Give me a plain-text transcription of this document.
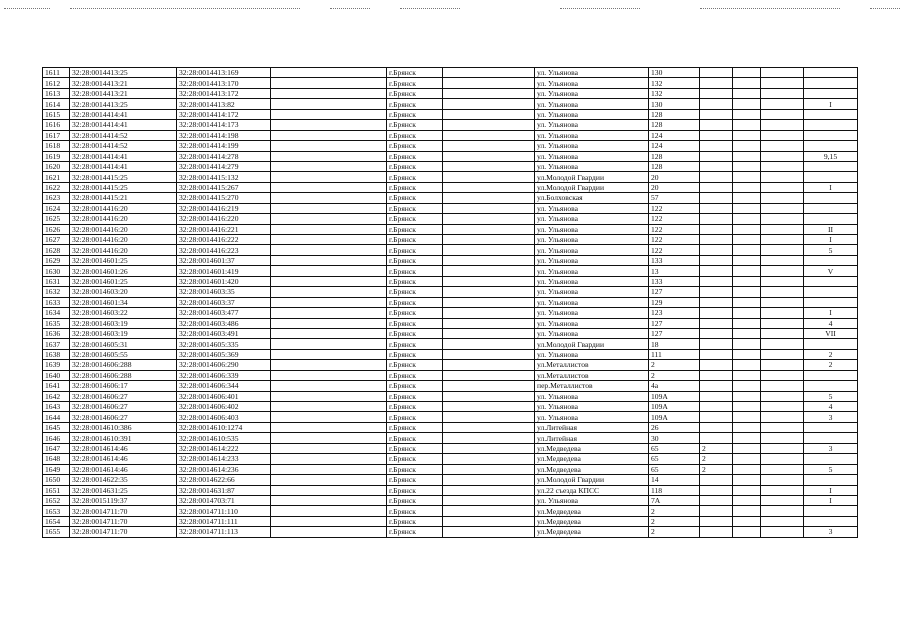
1611	32:28:0014413:25	32:28:0014413:169		г.Брянск		ул. Ульянова	130				
1612	32:28:0014413:21	32:28:0014413:170		г.Брянск		ул. Ульянова	132				
1613	32:28:0014413:21	32:28:0014413:172		г.Брянск		ул. Ульянова	132				
1614	32:28:0014413:25	32:28:0014413:82		г.Брянск		ул. Ульянова	130				I
1615	32:28:0014414:41	32:28:0014414:172		г.Брянск		ул. Ульянова	128				
1616	32:28:0014414:41	32:28:0014414:173		г.Брянск		ул. Ульянова	128				
1617	32:28:0014414:52	32:28:0014414:198		г.Брянск		ул. Ульянова	124				
1618	32:28:0014414:52	32:28:0014414:199		г.Брянск		ул. Ульянова	124				
1619	32:28:0014414:41	32:28:0014414:278		г.Брянск		ул. Ульянова	128				9,15
1620	32:28:0014414:41	32:28:0014414:279		г.Брянск		ул. Ульянова	128				
1621	32:28:0014415:25	32:28:0014415:132		г.Брянск		ул.Молодой Гвардии	20				
1622	32:28:0014415:25	32:28:0014415:267		г.Брянск		ул.Молодой Гвардии	20				I
1623	32:28:0014415:21	32:28:0014415:270		г.Брянск		ул.Болховская	57				
1624	32:28:0014416:20	32:28:0014416:219		г.Брянск		ул. Ульянова	122				
1625	32:28:0014416:20	32:28:0014416:220		г.Брянск		ул. Ульянова	122				
1626	32:28:0014416:20	32:28:0014416:221		г.Брянск		ул. Ульянова	122				II
1627	32:28:0014416:20	32:28:0014416:222		г.Брянск		ул. Ульянова	122				I
1628	32:28:0014416:20	32:28:0014416:223		г.Брянск		ул. Ульянова	122				5
1629	32:28:0014601:25	32:28:0014601:37		г.Брянск		ул. Ульянова	133				
1630	32:28:0014601:26	32:28:0014601:419		г.Брянск		ул. Ульянова	13				V
1631	32:28:0014601:25	32:28:0014601:420		г.Брянск		ул. Ульянова	133				
1632	32:28:0014603:20	32:28:0014603:35		г.Брянск		ул. Ульянова	127				
1633	32:28:0014601:34	32:28:0014603:37		г.Брянск		ул. Ульянова	129				
1634	32:28:0014603:22	32:28:0014603:477		г.Брянск		ул. Ульянова	123				I
1635	32:28:0014603:19	32:28:0014603:486		г.Брянск		ул. Ульянова	127				4
1636	32:28:0014603:19	32:28:0014603:491		г.Брянск		ул. Ульянова	127				VII
1637	32:28:0014605:31	32:28:0014605:335		г.Брянск		ул.Молодой Гвардии	18				
1638	32:28:0014605:55	32:28:0014605:369		г.Брянск		ул. Ульянова	111				2
1639	32:28:0014606:288	32:28:0014606:290		г.Брянск		ул.Металлистов	2				2
1640	32:28:0014606:288	32:28:0014606:339		г.Брянск		ул.Металлистов	2				
1641	32:28:0014606:17	32:28:0014606:344		г.Брянск		пер.Металлистов	4а				
1642	32:28:0014606:27	32:28:0014606:401		г.Брянск		ул. Ульянова	109А				5
1643	32:28:0014606:27	32:28:0014606:402		г.Брянск		ул. Ульянова	109А				4
1644	32:28:0014606:27	32:28:0014606:403		г.Брянск		ул. Ульянова	109А				3
1645	32:28:0014610:386	32:28:0014610:1274		г.Брянск		ул.Литейная	26				
1646	32:28:0014610:391	32:28:0014610:535		г.Брянск		ул.Литейная	30				
1647	32:28:0014614:46	32:28:0014614:222		г.Брянск		ул.Медведева	65	2			3
1648	32:28:0014614:46	32:28:0014614:233		г.Брянск		ул.Медведева	65	2			
1649	32:28:0014614:46	32:28:0014614:236		г.Брянск		ул.Медведева	65	2			5
1650	32:28:0014622:35	32:28:0014622:66		г.Брянск		ул.Молодой Гвардии	14				
1651	32:28:0014631:25	32:28:0014631:87		г.Брянск		ул.22 съезда КПСС	118				I
1652	32:28:0015119:37	32:28:0014703:71		г.Брянск		ул. Ульянова	7А				I
1653	32:28:0014711:70	32:28:0014711:110		г.Брянск		ул.Медведева	2				
1654	32:28:0014711:70	32:28:0014711:111		г.Брянск		ул.Медведева	2				
1655	32:28:0014711:70	32:28:0014711:113		г.Брянск		ул.Медведева	2				3
